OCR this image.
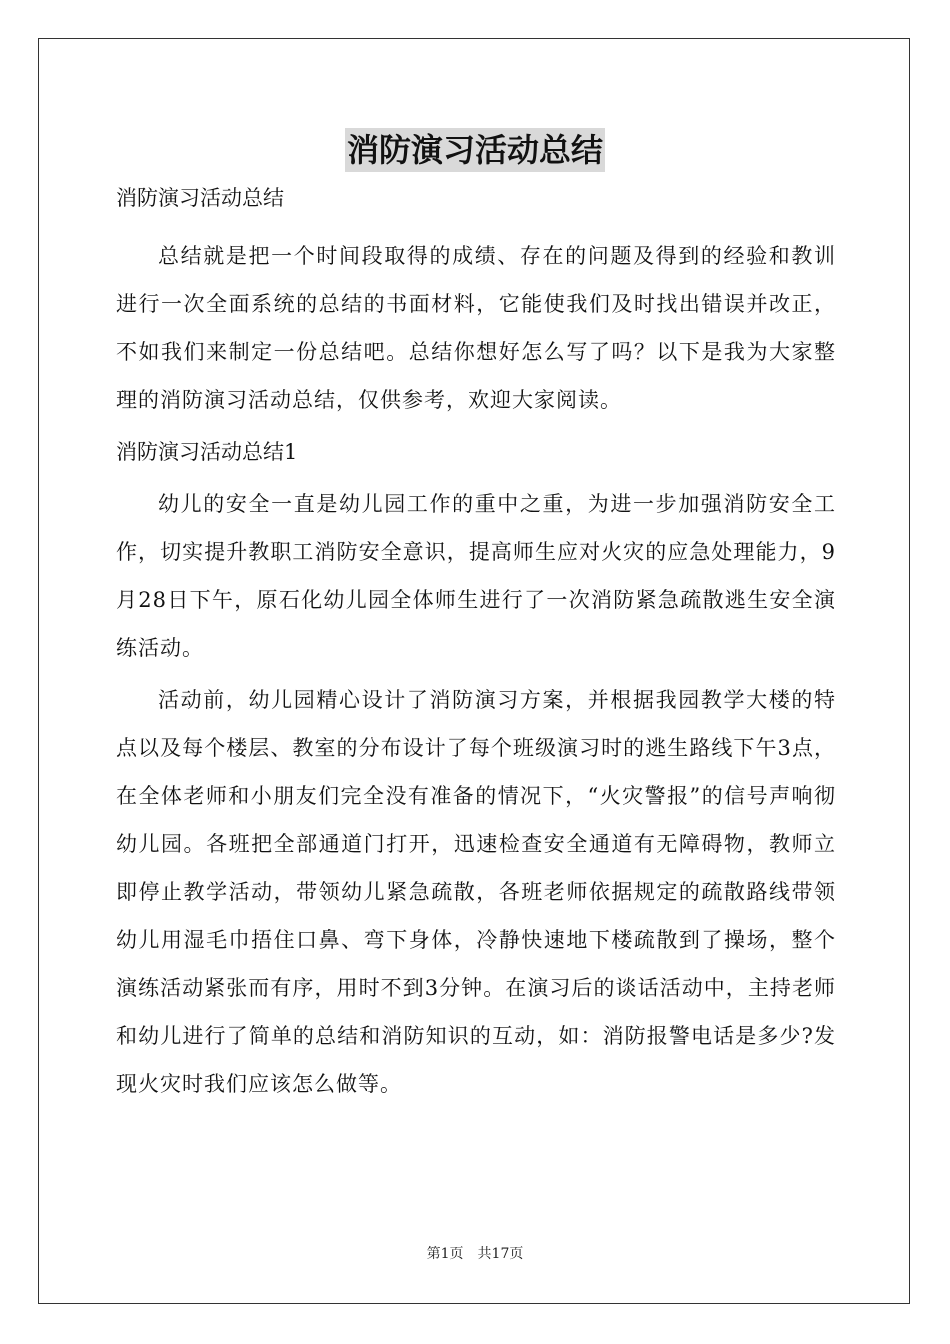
消防演习活动总结

消防演习活动总结

总结就是把一个时间段取得的成绩、存在的问题及得到的经验和教训进行一次全面系统的总结的书面材料，它能使我们及时找出错误并改正，不如我们来制定一份总结吧。总结你想好怎么写了吗？以下是我为大家整理的消防演习活动总结，仅供参考，欢迎大家阅读。

消防演习活动总结1

幼儿的安全一直是幼儿园工作的重中之重，为进一步加强消防安全工作，切实提升教职工消防安全意识，提高师生应对火灾的应急处理能力，9月28日下午，原石化幼儿园全体师生进行了一次消防紧急疏散逃生安全演练活动。

活动前，幼儿园精心设计了消防演习方案，并根据我园教学大楼的特点以及每个楼层、教室的分布设计了每个班级演习时的逃生路线下午3点，在全体老师和小朋友们完全没有准备的情况下，“火灾警报”的信号声响彻幼儿园。各班把全部通道门打开，迅速检查安全通道有无障碍物，教师立即停止教学活动，带领幼儿紧急疏散，各班老师依据规定的疏散路线带领幼儿用湿毛巾捂住口鼻、弯下身体，冷静快速地下楼疏散到了操场，整个演练活动紧张而有序，用时不到3分钟。在演习后的谈话活动中，主持老师和幼儿进行了简单的总结和消防知识的互动，如：消防报警电话是多少?发现火灾时我们应该怎么做等。

第1页 共17页
